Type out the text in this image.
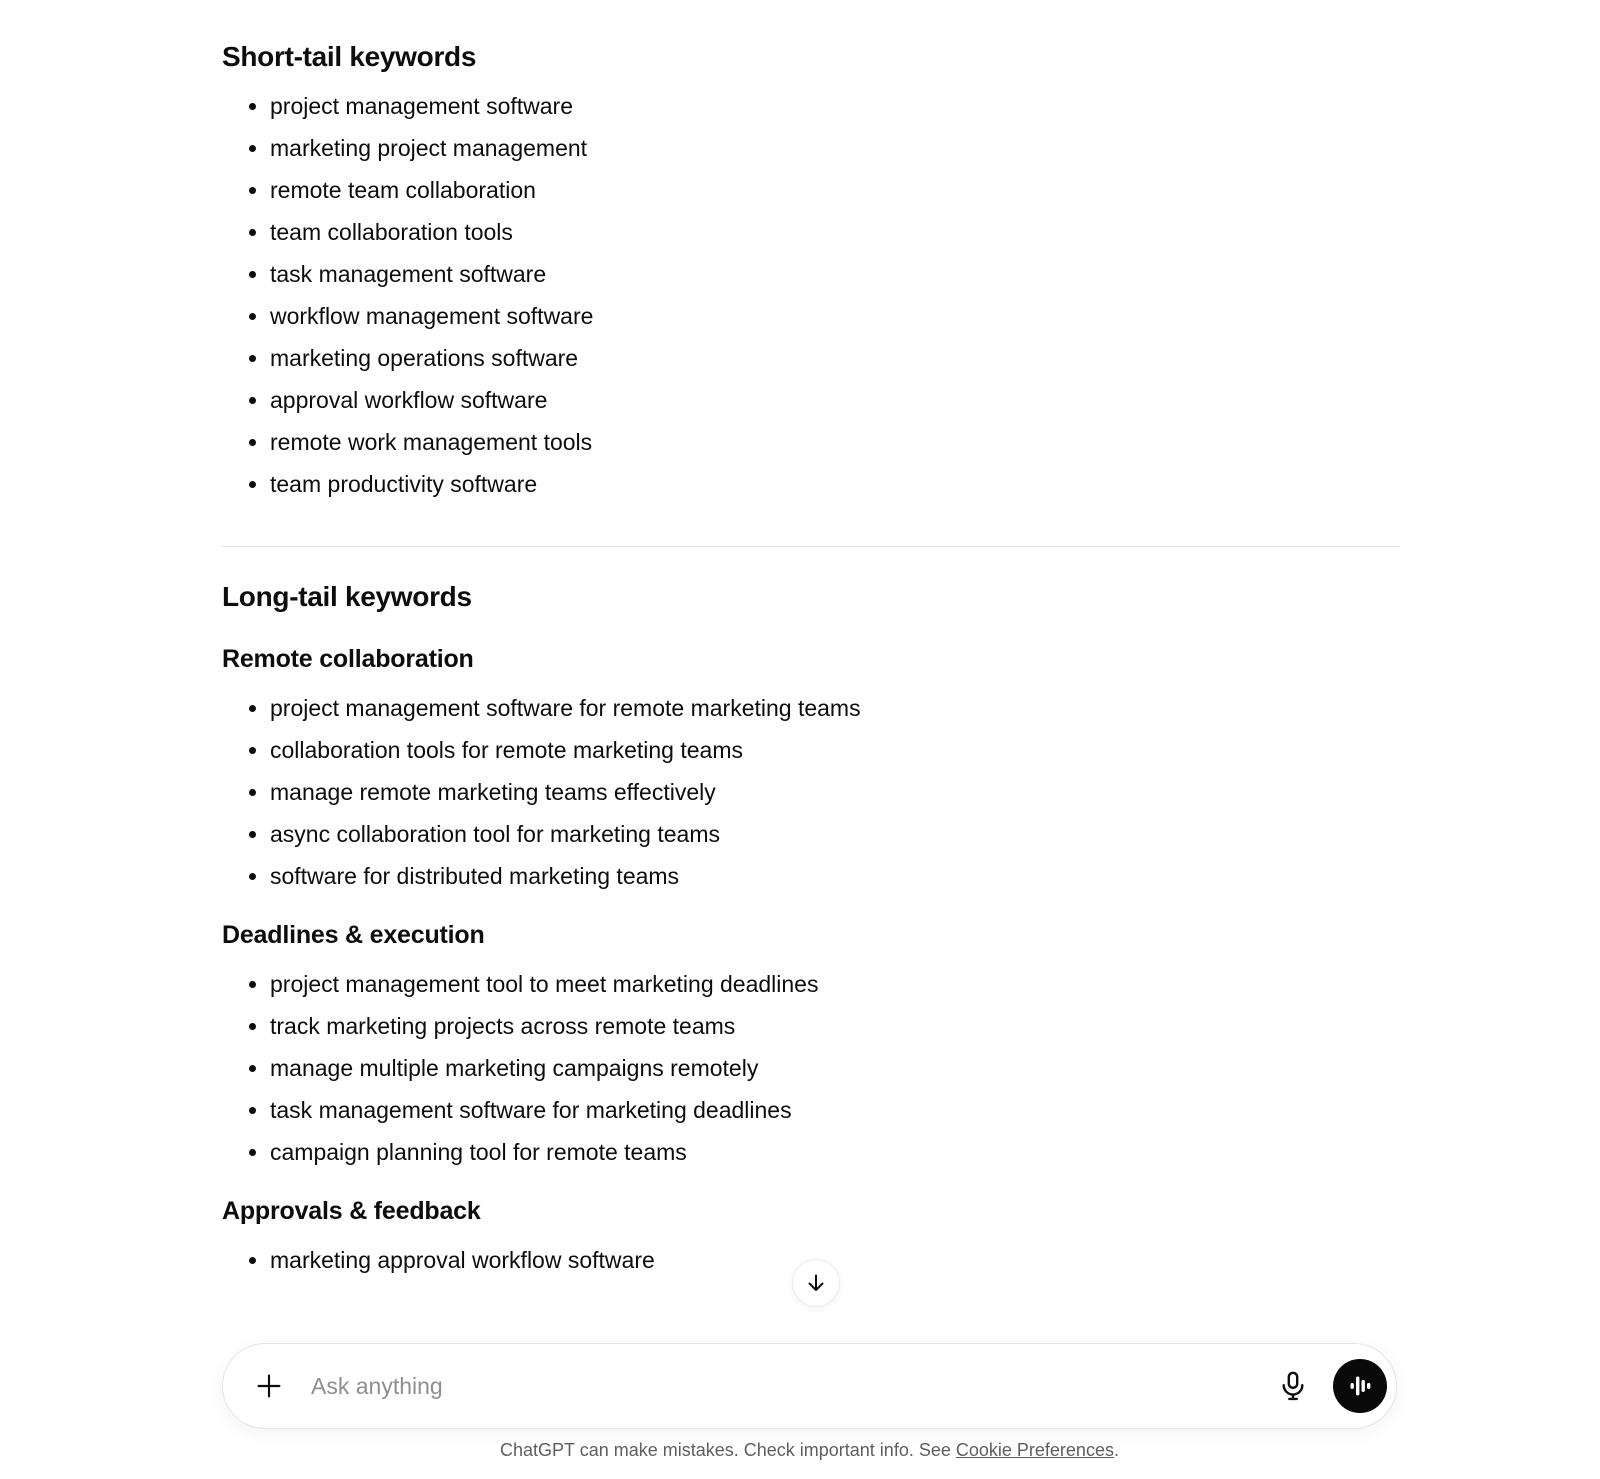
Short-tail keywords
• project management software
• marketing project management
• remote team collaboration
• team collaboration tools
• task management software
• workflow management software
• marketing operations software
• approval workflow software
• remote work management tools
• team productivity software
Long-tail keywords
Remote collaboration
• project management software for remote marketing teams
• collaboration tools for remote marketing teams
• manage remote marketing teams effectively
• async collaboration tool for marketing teams
• software for distributed marketing teams
Deadlines & execution
• project management tool to meet marketing deadlines
• track marketing projects across remote teams
• manage multiple marketing campaigns remotely
• task management software for marketing deadlines
• campaign planning tool for remote teams
Approvals & feedback
• marketing approval workflow software
Ask anything
ChatGPT can make mistakes. Check important info. See Cookie Preferences.
